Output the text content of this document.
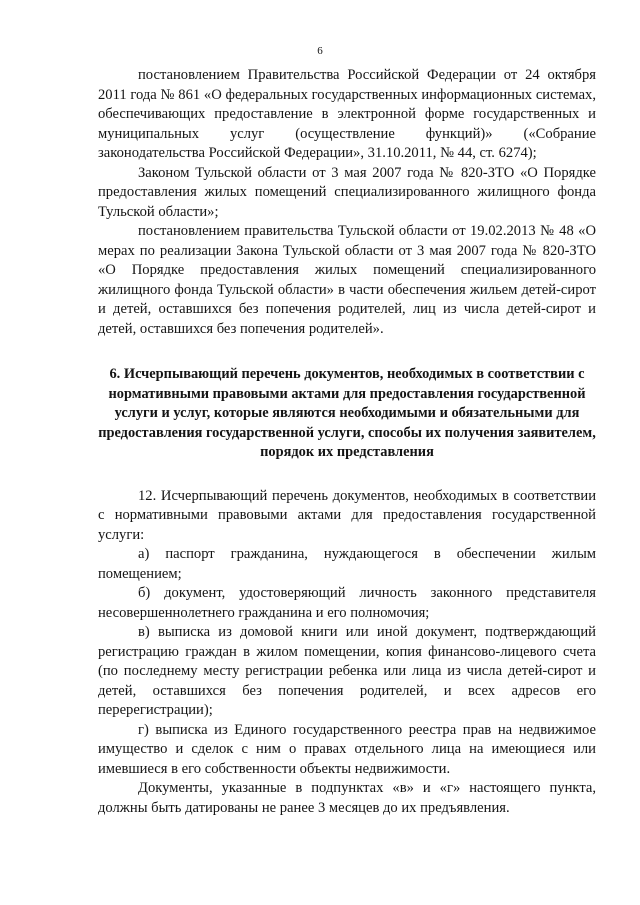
6

постановлением Правительства Российской Федерации от 24 октября 2011 года № 861 «О федеральных государственных информационных системах, обеспечивающих предоставление в электронной форме государственных и муниципальных услуг (осуществление функций)» («Собрание законодательства Российской Федерации», 31.10.2011, № 44, ст. 6274);

Законом Тульской области от 3 мая 2007 года № 820-ЗТО «О Порядке предоставления жилых помещений специализированного жилищного фонда Тульской области»;

постановлением правительства Тульской области от 19.02.2013 № 48 «О мерах по реализации Закона Тульской области от 3 мая 2007 года № 820-ЗТО «О Порядке предоставления жилых помещений специализированного жилищного фонда Тульской области» в части обеспечения жильем детей-сирот и детей, оставшихся без попечения родителей, лиц из числа детей-сирот и детей, оставшихся без попечения родителей».

6. Исчерпывающий перечень документов, необходимых в соответствии с нормативными правовыми актами для предоставления государственной услуги и услуг, которые являются необходимыми и обязательными для предоставления государственной услуги, способы их получения заявителем, порядок их представления

12. Исчерпывающий перечень документов, необходимых в соответствии с нормативными правовыми актами для предоставления государственной услуги:

а) паспорт гражданина, нуждающегося в обеспечении жилым помещением;

б) документ, удостоверяющий личность законного представителя несовершеннолетнего гражданина и его полномочия;

в) выписка из домовой книги или иной документ, подтверждающий регистрацию граждан в жилом помещении, копия финансово-лицевого счета (по последнему месту регистрации ребенка или лица из числа детей-сирот и детей, оставшихся без попечения родителей, и всех адресов его перерегистрации);

г) выписка из Единого государственного реестра прав на недвижимое имущество и сделок с ним о правах отдельного лица на имеющиеся или имевшиеся в его собственности объекты недвижимости.

Документы, указанные в подпунктах «в» и «г» настоящего пункта, должны быть датированы не ранее 3 месяцев до их предъявления.
